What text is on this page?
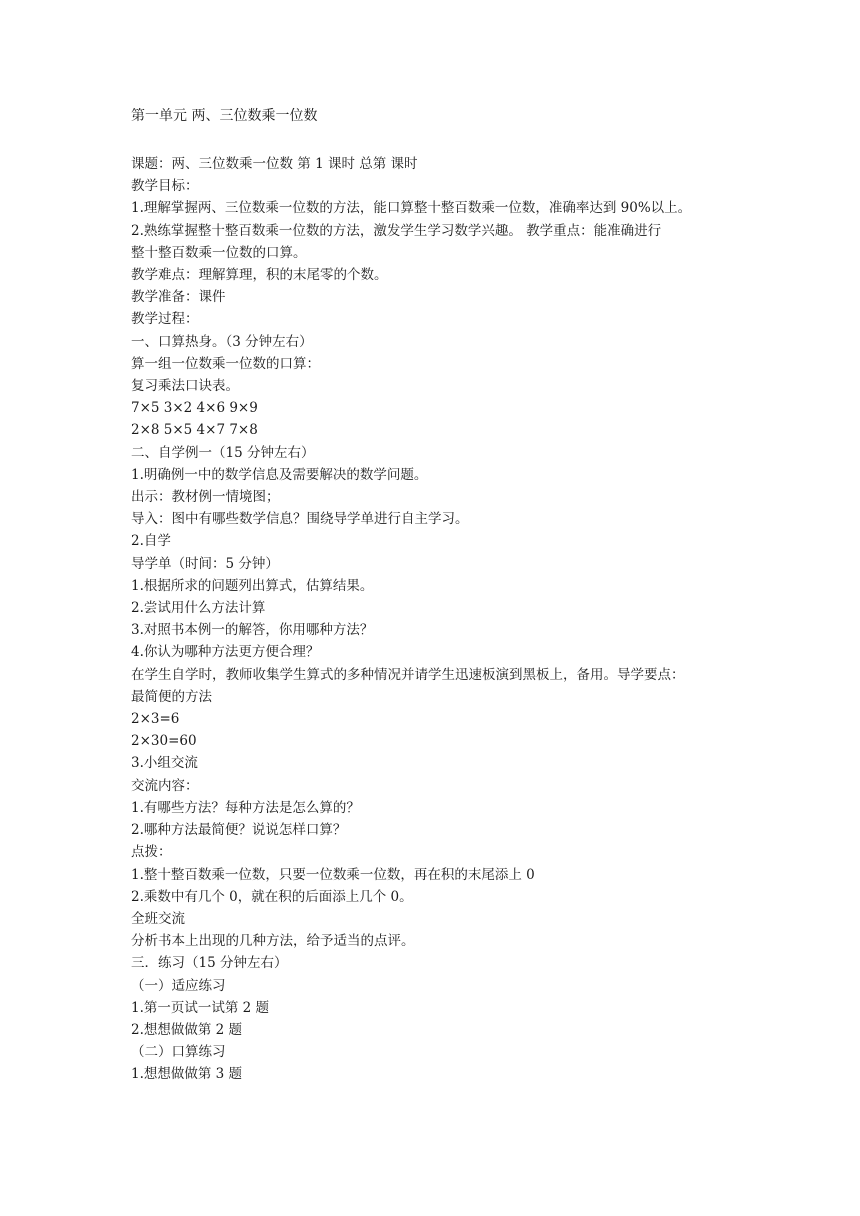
第一单元 两、三位数乘一位数
课题：两、三位数乘一位数 第 1 课时 总第 课时
教学目标：
1.理解掌握两、三位数乘一位数的方法，能口算整十整百数乘一位数，准确率达到 90%以上。
2.熟练掌握整十整百数乘一位数的方法，激发学生学习数学兴趣。 教学重点：能准确进行
整十整百数乘一位数的口算。
教学难点：理解算理，积的末尾零的个数。
教学准备：课件
教学过程：
一、口算热身。（3 分钟左右）
算一组一位数乘一位数的口算：
复习乘法口诀表。
7×5 3×2 4×6 9×9
2×8 5×5 4×7 7×8
二、自学例一（15 分钟左右）
1.明确例一中的数学信息及需要解决的数学问题。
出示：教材例一情境图；
导入：图中有哪些数学信息？围绕导学单进行自主学习。
2.自学
导学单（时间：5 分钟）
1.根据所求的问题列出算式，估算结果。
2.尝试用什么方法计算
3.对照书本例一的解答，你用哪种方法？
4.你认为哪种方法更方便合理？
在学生自学时，教师收集学生算式的多种情况并请学生迅速板演到黑板上，备用。导学要点：
最简便的方法
2×3=6
2×30=60
3.小组交流
交流内容：
1.有哪些方法？每种方法是怎么算的？
2.哪种方法最简便？说说怎样口算？
点拨：
1.整十整百数乘一位数，只要一位数乘一位数，再在积的末尾添上 0
2.乘数中有几个 0，就在积的后面添上几个 0。
全班交流
分析书本上出现的几种方法，给予适当的点评。
三．练习（15 分钟左右）
（一）适应练习
1.第一页试一试第 2 题
2.想想做做第 2 题
（二）口算练习
1.想想做做第 3 题
